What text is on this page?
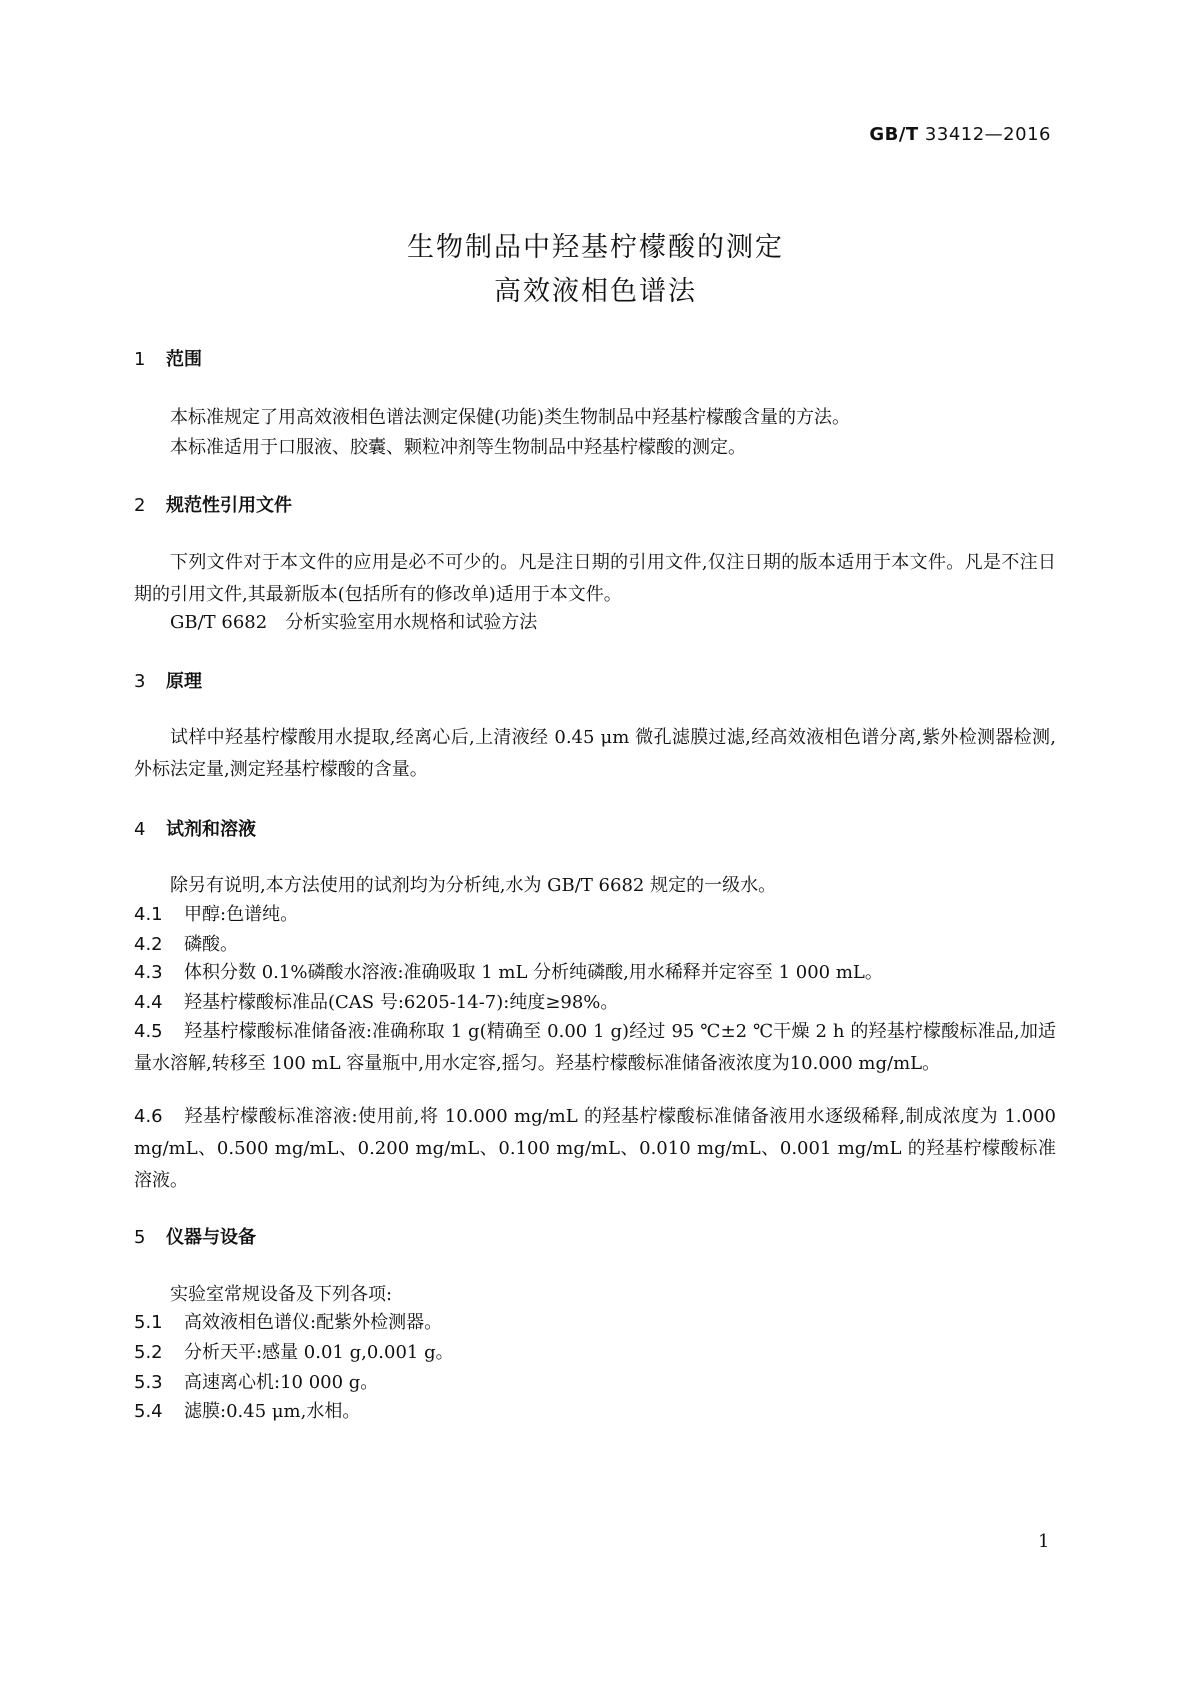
GB/T 33412—2016
生物制品中羟基柠檬酸的测定
高效液相色谱法
1 范围
本标准规定了用高效液相色谱法测定保健(功能)类生物制品中羟基柠檬酸含量的方法。
本标准适用于口服液、胶囊、颗粒冲剂等生物制品中羟基柠檬酸的测定。
2 规范性引用文件
下列文件对于本文件的应用是必不可少的。凡是注日期的引用文件,仅注日期的版本适用于本文件。凡是不注日期的引用文件,其最新版本(包括所有的修改单)适用于本文件。
GB/T 6682　分析实验室用水规格和试验方法
3 原理
试样中羟基柠檬酸用水提取,经离心后,上清液经 0.45 μm 微孔滤膜过滤,经高效液相色谱分离,紫外检测器检测,外标法定量,测定羟基柠檬酸的含量。
4 试剂和溶液
除另有说明,本方法使用的试剂均为分析纯,水为 GB/T 6682 规定的一级水。
4.1 甲醇:色谱纯。
4.2 磷酸。
4.3 体积分数 0.1%磷酸水溶液:准确吸取 1 mL 分析纯磷酸,用水稀释并定容至 1 000 mL。
4.4 羟基柠檬酸标准品(CAS 号:6205-14-7):纯度≥98%。
4.5 羟基柠檬酸标准储备液:准确称取 1 g(精确至 0.00 1 g)经过 95 ℃±2 ℃干燥 2 h 的羟基柠檬酸标准品,加适量水溶解,转移至 100 mL 容量瓶中,用水定容,摇匀。羟基柠檬酸标准储备液浓度为10.000 mg/mL。
4.6 羟基柠檬酸标准溶液:使用前,将 10.000 mg/mL 的羟基柠檬酸标准储备液用水逐级稀释,制成浓度为 1.000 mg/mL、0.500 mg/mL、0.200 mg/mL、0.100 mg/mL、0.010 mg/mL、0.001 mg/mL 的羟基柠檬酸标准溶液。
5 仪器与设备
实验室常规设备及下列各项:
5.1 高效液相色谱仪:配紫外检测器。
5.2 分析天平:感量 0.01 g,0.001 g。
5.3 高速离心机:10 000 g。
5.4 滤膜:0.45 μm,水相。
1
